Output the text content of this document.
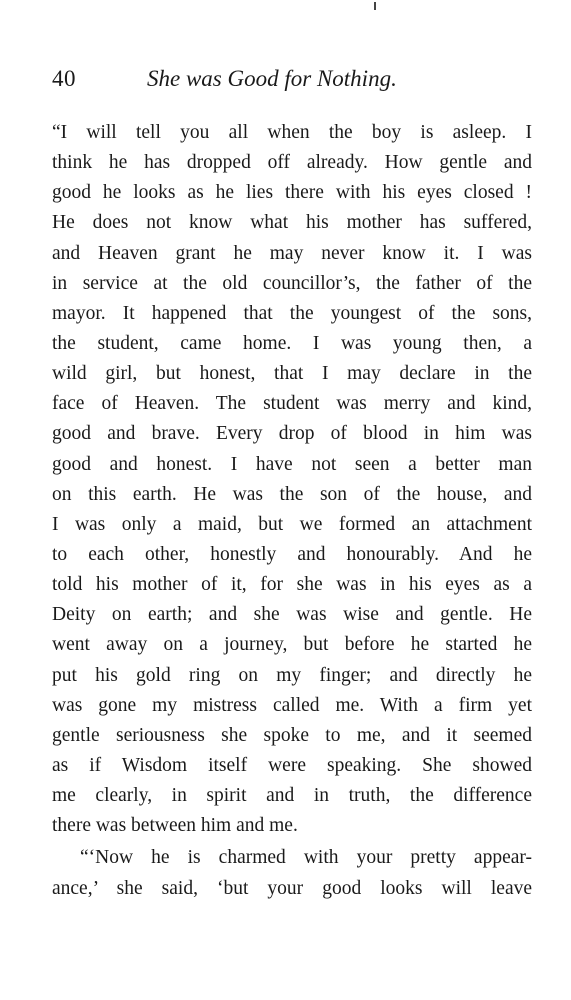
40	She was Good for Nothing.
“I will tell you all when the boy is asleep. I
think he has dropped off already. How gentle and
good he looks as he lies there with his eyes closed !
He does not know what his mother has suffered,
and Heaven grant he may never know it. I was
in service at the old councillor’s, the father of the
mayor. It happened that the youngest of the sons,
the student, came home. I was young then, a
wild girl, but honest, that I may declare in the
face of Heaven. The student was merry and kind,
good and brave. Every drop of blood in him was
good and honest. I have not seen a better man
on this earth. He was the son of the house, and
I was only a maid, but we formed an attachment
to each other, honestly and honourably. And he
told his mother of it, for she was in his eyes as a
Deity on earth; and she was wise and gentle. He
went away on a journey, but before he started he
put his gold ring on my finger; and directly he
was gone my mistress called me. With a firm yet
gentle seriousness she spoke to me, and it seemed
as if Wisdom itself were speaking. She showed
me clearly, in spirit and in truth, the difference
there was between him and me.
“‘Now he is charmed with your pretty appear-
ance,’ she said, ‘but your good looks will leave
